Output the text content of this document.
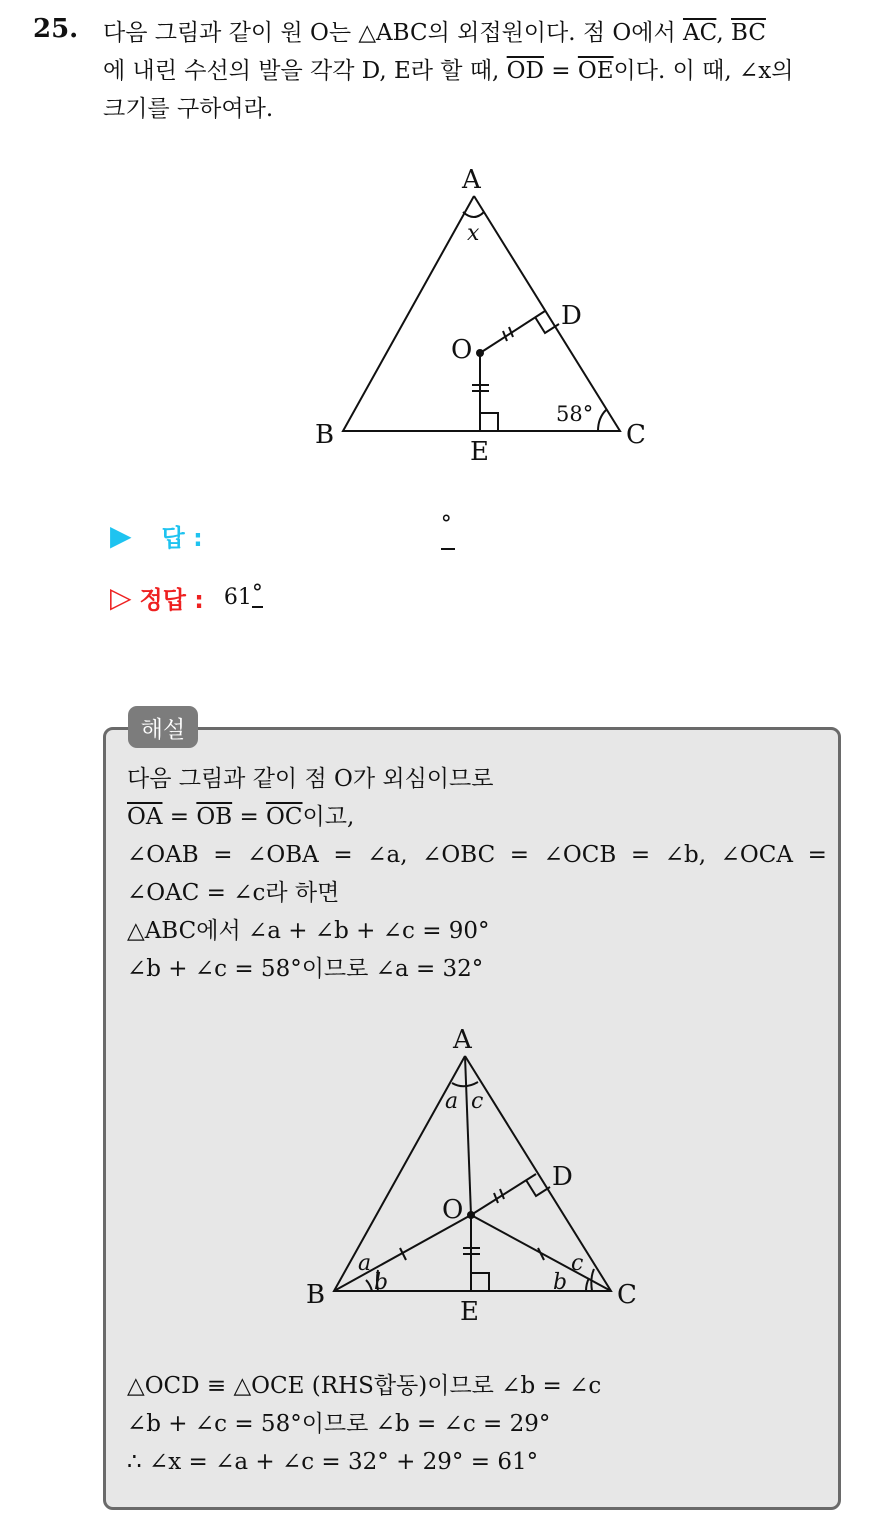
25. 다음 그림과 같이 원 O는 △ABC의 외접원이다. 점 O에서 $\overline{AC}$, $\overline{BC}$
에 내린 수선의 발을 각각 D, E라 할 때, $\overline{OD} = \overline{OE}$이다. 이 때, ∠x의
크기를 구하여라.
A
B	C
D
E
O
x
58°
▶ 답 :	°
▷ 정답 : 61°
해설
다음 그림과 같이 점 O가 외심이므로
$\overline{OA} = \overline{OB} = \overline{OC}$이고,
∠OAB = ∠OBA = ∠a, ∠OBC = ∠OCB = ∠b, ∠OCA =
∠OAC = ∠c라 하면
△ABC에서 ∠a + ∠b + ∠c = 90°
∠b + ∠c = 58°이므로 ∠a = 32°
A
B	C
D
E
O
a c
a
b	b
c
△OCD ≡ △OCE (RHS합동)이므로 ∠b = ∠c
∠b + ∠c = 58°이므로 ∠b = ∠c = 29°
∴ ∠x = ∠a + ∠c = 32° + 29° = 61°
